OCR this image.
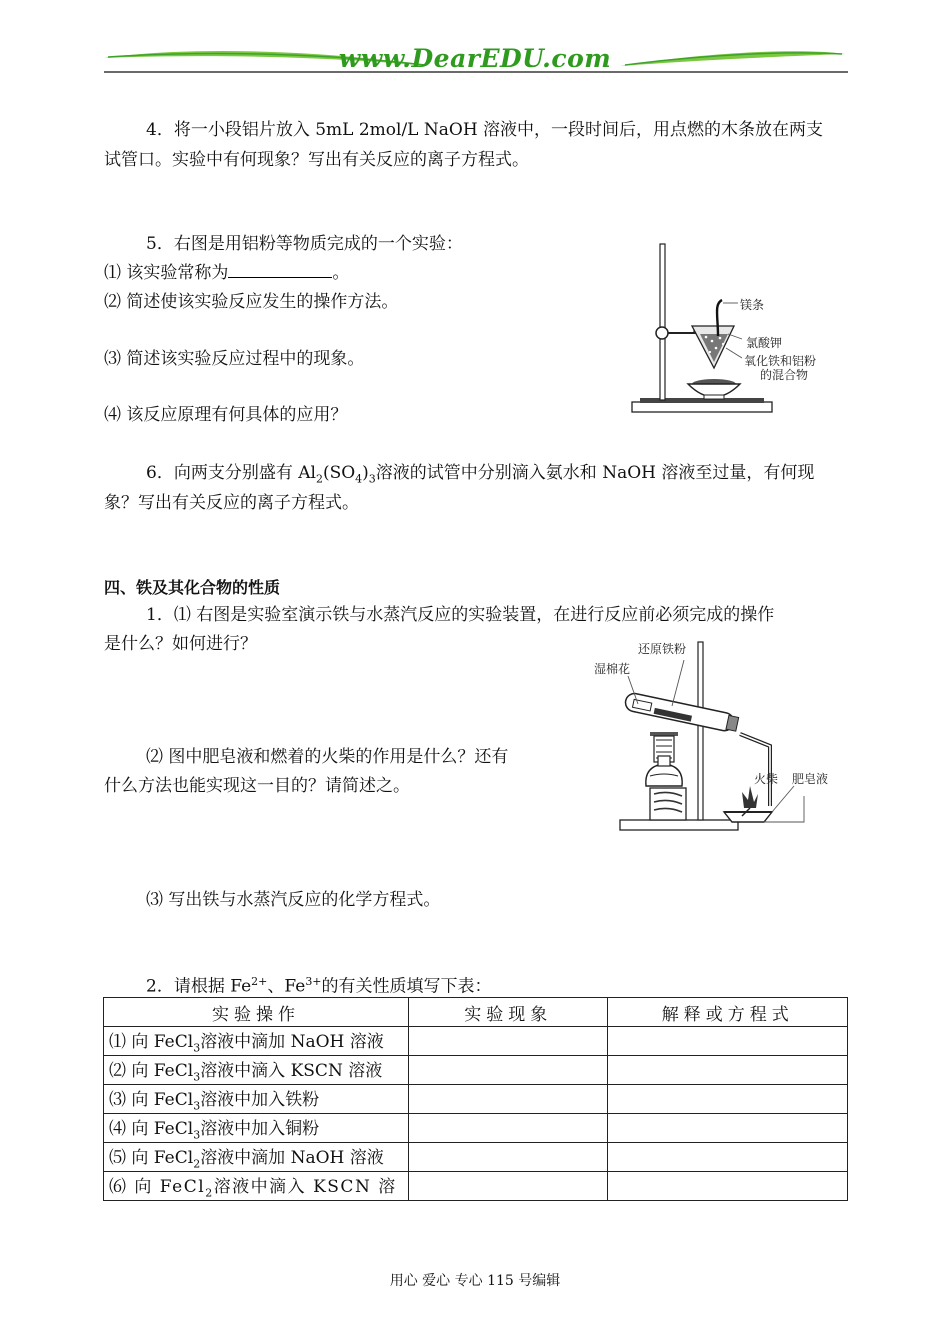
www.DearEDU.com
4．将一小段铝片放入 5mL 2mol/L NaOH 溶液中，一段时间后，用点燃的木条放在两支
试管口。实验中有何现象？写出有关反应的离子方程式。
5．右图是用铝粉等物质完成的一个实验：
⑴ 该实验常称为	。
⑵ 简述使该实验反应发生的操作方法。
⑶ 简述该实验反应过程中的现象。
⑷ 该反应原理有何具体的应用？
镁条
氯酸钾
氧化铁和铝粉
的混合物
6．向两支分别盛有 $Al_2(SO_4)_3$溶液的试管中分别滴入氨水和 NaOH 溶液至过量，有何现
象？写出有关反应的离子方程式。
四、铁及其化合物的性质
1．⑴ 右图是实验室演示铁与水蒸汽反应的实验装置，在进行反应前必须完成的操作
是什么？如何进行？
⑵ 图中肥皂液和燃着的火柴的作用是什么？还有
什么方法也能实现这一目的？请简述之。
⑶ 写出铁与水蒸汽反应的化学方程式。
还原铁粉
湿棉花
火柴 肥皂液
2．请根据 $Fe^{2+}$、$Fe^{3+}$的有关性质填写下表：
实验操作	实验现象	解释或方程式
⑴ 向 FeCl$_3$溶液中滴加 NaOH 溶液		
⑵ 向 FeCl$_3$溶液中滴入 KSCN 溶液		
⑶ 向 FeCl$_3$溶液中加入铁粉		
⑷ 向 FeCl$_3$溶液中加入铜粉		
⑸ 向 FeCl$_2$溶液中滴加 NaOH 溶液		
⑹ 向 FeCl$_2$溶液中滴入 KSCN 溶		
用心 爱心 专心 115 号编辑
